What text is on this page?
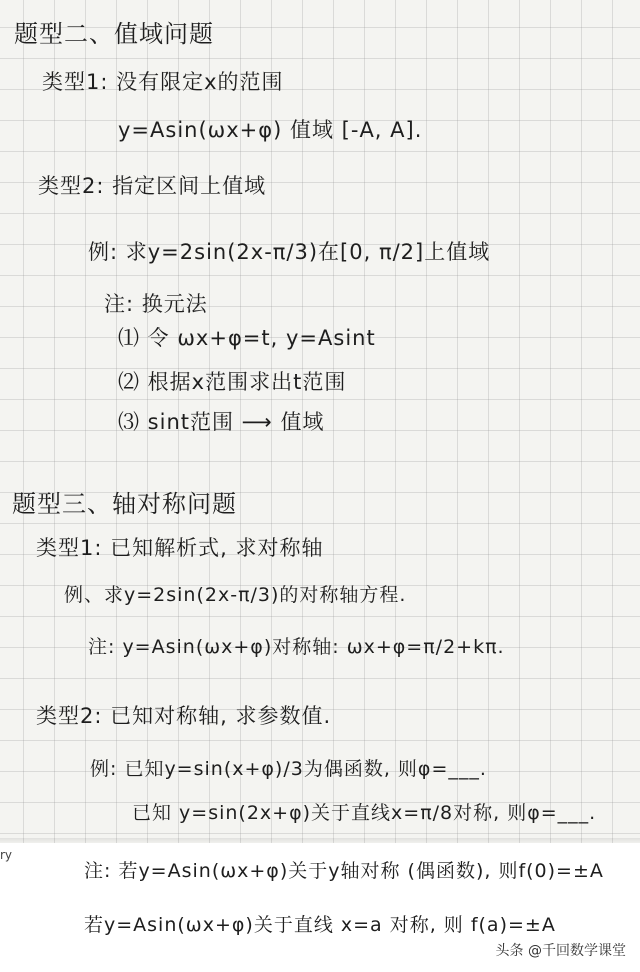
题型二、值域问题
类型1: 没有限定x的范围
y=Asin(ωx+φ) 值域 [-A, A].
类型2: 指定区间上值域
例: 求y=2sin(2x-π/3)在[0, π/2]上值域
注: 换元法
⑴ 令 ωx+φ=t, y=Asint
⑵ 根据x范围求出t范围
⑶ sint范围 ⟶ 值域
题型三、轴对称问题
类型1: 已知解析式, 求对称轴
例、求y=2sin(2x-π/3)的对称轴方程.
注: y=Asin(ωx+φ)对称轴: ωx+φ=π/2+kπ.
类型2: 已知对称轴, 求参数值.
例: 已知y=sin(x+φ)/3为偶函数, 则φ=___.
已知 y=sin(2x+φ)关于直线x=π/8对称, 则φ=___.
ry
注: 若y=Asin(ωx+φ)关于y轴对称 (偶函数), 则f(0)=±A
若y=Asin(ωx+φ)关于直线 x=a 对称, 则 f(a)=±A
头条 @千回数学课堂
